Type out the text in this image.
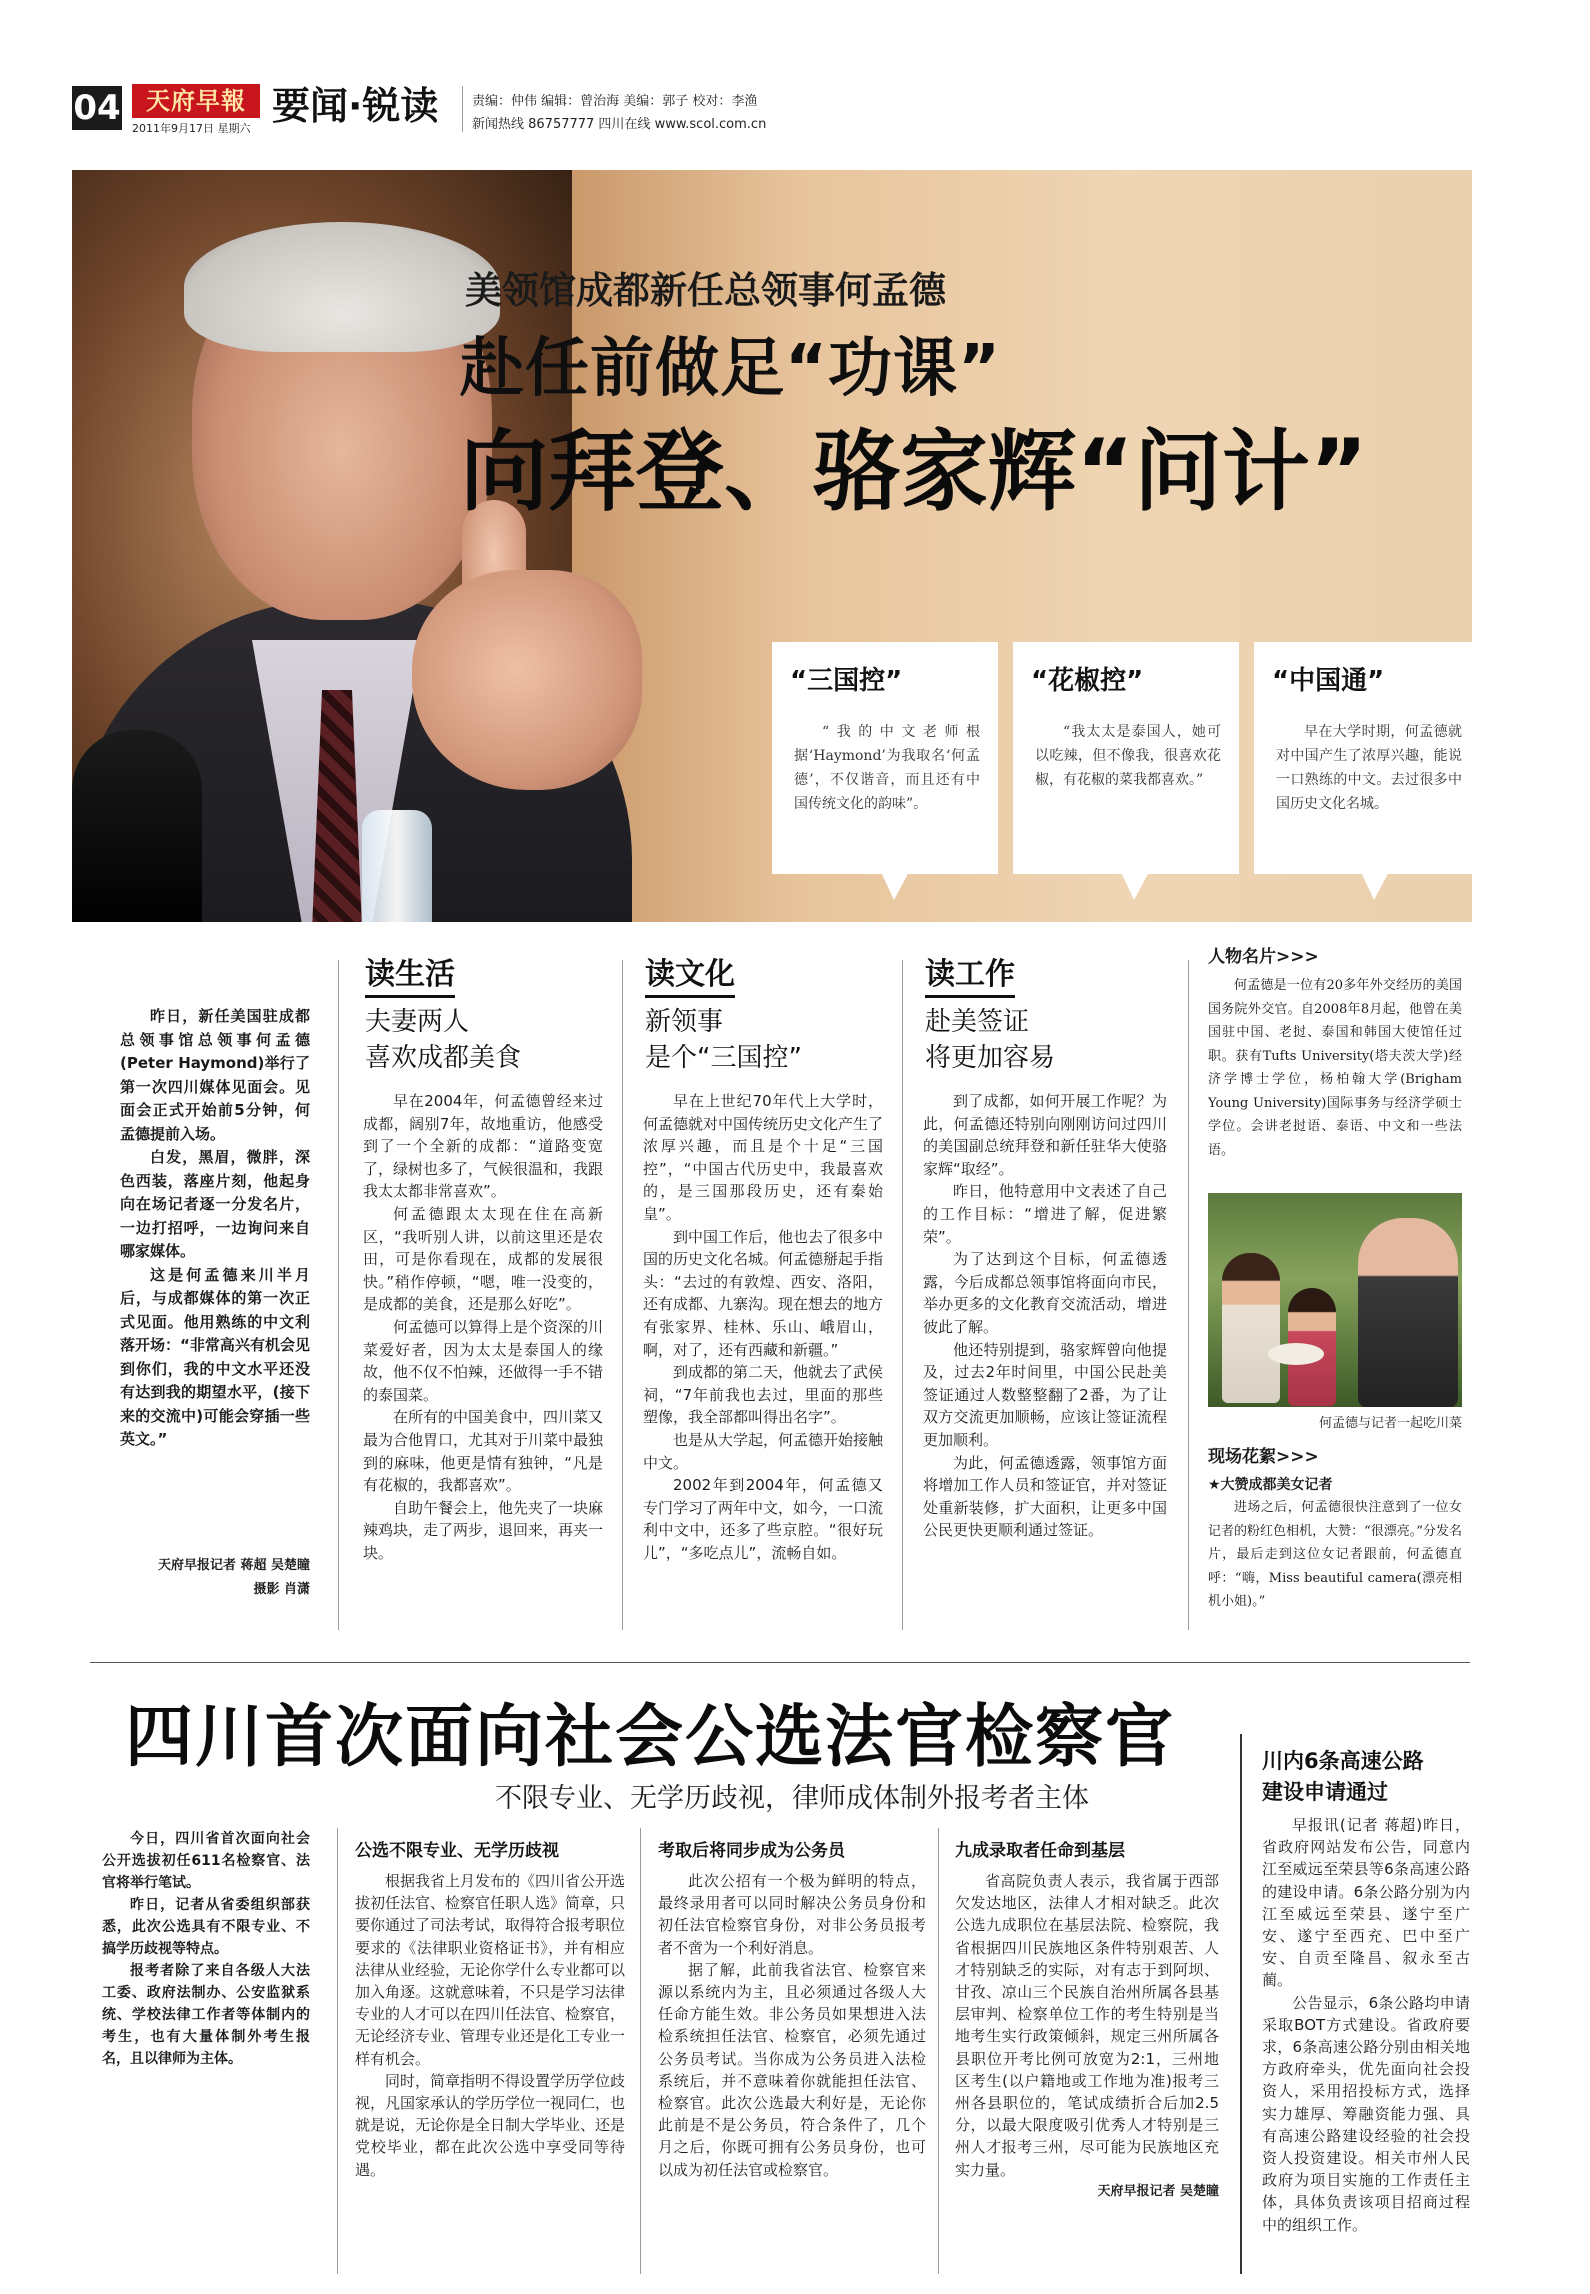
04	天府早報
2011年9月17日 星期六
要闻·锐读	责编：仲伟 编辑：曾治海 美编：郭子 校对：李渔
新闻热线 86757777 四川在线 www.scol.com.cn
美领馆成都新任总领事何孟德
赴任前做足“功课”
向拜登、骆家辉“问计”
“三国控”
“我的中文老师根据‘Haymond’为我取名‘何孟德’，不仅谐音，而且还有中国传统文化的韵味”。
“花椒控”
“我太太是泰国人，她可以吃辣，但不像我，很喜欢花椒，有花椒的菜我都喜欢。”
“中国通”
早在大学时期，何孟德就对中国产生了浓厚兴趣，能说一口熟练的中文。去过很多中国历史文化名城。

昨日，新任美国驻成都总领事馆总领事何孟德(Peter Haymond)举行了第一次四川媒体见面会。见面会正式开始前5分钟，何孟德提前入场。

白发，黑眉，微胖，深色西装，落座片刻，他起身向在场记者逐一分发名片，一边打招呼，一边询问来自哪家媒体。

这是何孟德来川半月后，与成都媒体的第一次正式见面。他用熟练的中文利落开场：“非常高兴有机会见到你们，我的中文水平还没有达到我的期望水平，(接下来的交流中)可能会穿插一些英文。”

天府早报记者 蒋超 吴楚瞳
摄影 肖潇
读生活
夫妻两人
喜欢成都美食

早在2004年，何孟德曾经来过成都，阔别7年，故地重访，他感受到了一个全新的成都：“道路变宽了，绿树也多了，气候很温和，我跟我太太都非常喜欢”。

何孟德跟太太现在住在高新区，“我听别人讲，以前这里还是农田，可是你看现在，成都的发展很快。”稍作停顿，“嗯，唯一没变的，是成都的美食，还是那么好吃”。

何孟德可以算得上是个资深的川菜爱好者，因为太太是泰国人的缘故，他不仅不怕辣，还做得一手不错的泰国菜。

在所有的中国美食中，四川菜又最为合他胃口，尤其对于川菜中最独到的麻味，他更是情有独钟，“凡是有花椒的，我都喜欢”。

自助午餐会上，他先夹了一块麻辣鸡块，走了两步，退回来，再夹一块。

读文化
新领事
是个“三国控”

早在上世纪70年代上大学时，何孟德就对中国传统历史文化产生了浓厚兴趣，而且是个十足“三国控”，“中国古代历史中，我最喜欢的，是三国那段历史，还有秦始皇”。

到中国工作后，他也去了很多中国的历史文化名城。何孟德掰起手指头：“去过的有敦煌、西安、洛阳，还有成都、九寨沟。现在想去的地方有张家界、桂林、乐山、峨眉山，啊，对了，还有西藏和新疆。”

到成都的第二天，他就去了武侯祠，“7年前我也去过，里面的那些塑像，我全部都叫得出名字”。

也是从大学起，何孟德开始接触中文。

2002年到2004年，何孟德又专门学习了两年中文，如今，一口流利中文中，还多了些京腔。“很好玩儿”，“多吃点儿”，流畅自如。

读工作
赴美签证
将更加容易

到了成都，如何开展工作呢？为此，何孟德还特别向刚刚访问过四川的美国副总统拜登和新任驻华大使骆家辉“取经”。

昨日，他特意用中文表述了自己的工作目标：“增进了解，促进繁荣”。

为了达到这个目标，何孟德透露，今后成都总领事馆将面向市民，举办更多的文化教育交流活动，增进彼此了解。

他还特别提到，骆家辉曾向他提及，过去2年时间里，中国公民赴美签证通过人数整整翻了2番，为了让双方交流更加顺畅，应该让签证流程更加顺利。

为此，何孟德透露，领事馆方面将增加工作人员和签证官，并对签证处重新装修，扩大面积，让更多中国公民更快更顺利通过签证。

人物名片>>>
何孟德是一位有20多年外交经历的美国国务院外交官。自2008年8月起，他曾在美国驻中国、老挝、泰国和韩国大使馆任过职。获有Tufts University(塔夫茨大学)经济学博士学位，杨柏翰大学(Brigham Young University)国际事务与经济学硕士学位。会讲老挝语、泰语、中文和一些法语。
何孟德与记者一起吃川菜
现场花絮>>>
★大赞成都美女记者
进场之后，何孟德很快注意到了一位女记者的粉红色相机，大赞：“很漂亮。”分发名片，最后走到这位女记者跟前，何孟德直呼：“嗨，Miss beautiful camera(漂亮相机小姐)。”
四川首次面向社会公选法官检察官
不限专业、无学历歧视，律师成体制外报考者主体

今日，四川省首次面向社会公开选拔初任611名检察官、法官将举行笔试。

昨日，记者从省委组织部获悉，此次公选具有不限专业、不搞学历歧视等特点。

报考者除了来自各级人大法工委、政府法制办、公安监狱系统、学校法律工作者等体制内的考生，也有大量体制外考生报名，且以律师为主体。

公选不限专业、无学历歧视

根据我省上月发布的《四川省公开选拔初任法官、检察官任职人选》简章，只要你通过了司法考试，取得符合报考职位要求的《法律职业资格证书》，并有相应法律从业经验，无论你学什么专业都可以加入角逐。这就意味着，不只是学习法律专业的人才可以在四川任法官、检察官，无论经济专业、管理专业还是化工专业一样有机会。

同时，简章指明不得设置学历学位歧视，凡国家承认的学历学位一视同仁，也就是说，无论你是全日制大学毕业、还是党校毕业，都在此次公选中享受同等待遇。

考取后将同步成为公务员

此次公招有一个极为鲜明的特点，最终录用者可以同时解决公务员身份和初任法官检察官身份，对非公务员报考者不啻为一个利好消息。

据了解，此前我省法官、检察官来源以系统内为主，且必须通过各级人大任命方能生效。非公务员如果想进入法检系统担任法官、检察官，必须先通过公务员考试。当你成为公务员进入法检系统后，并不意味着你就能担任法官、检察官。此次公选最大利好是，无论你此前是不是公务员，符合条件了，几个月之后，你既可拥有公务员身份，也可以成为初任法官或检察官。

九成录取者任命到基层

省高院负责人表示，我省属于西部欠发达地区，法律人才相对缺乏。此次公选九成职位在基层法院、检察院，我省根据四川民族地区条件特别艰苦、人才特别缺乏的实际，对有志于到阿坝、甘孜、凉山三个民族自治州所属各县基层审判、检察单位工作的考生特别是当地考生实行政策倾斜，规定三州所属各县职位开考比例可放宽为2:1，三州地区考生(以户籍地或工作地为准)报考三州各县职位的，笔试成绩折合后加2.5分，以最大限度吸引优秀人才特别是三州人才报考三州，尽可能为民族地区充实力量。

天府早报记者 吴楚瞳
川内6条高速公路
建设申请通过

早报讯(记者 蒋超)昨日，省政府网站发布公告，同意内江至威远至荣县等6条高速公路的建设申请。6条公路分别为内江至威远至荣县、遂宁至广安、遂宁至西充、巴中至广安、自贡至隆昌、叙永至古蔺。

公告显示，6条公路均申请采取BOT方式建设。省政府要求，6条高速公路分别由相关地方政府牵头，优先面向社会投资人，采用招投标方式，选择实力雄厚、筹融资能力强、具有高速公路建设经验的社会投资人投资建设。相关市州人民政府为项目实施的工作责任主体，具体负责该项目招商过程中的组织工作。
